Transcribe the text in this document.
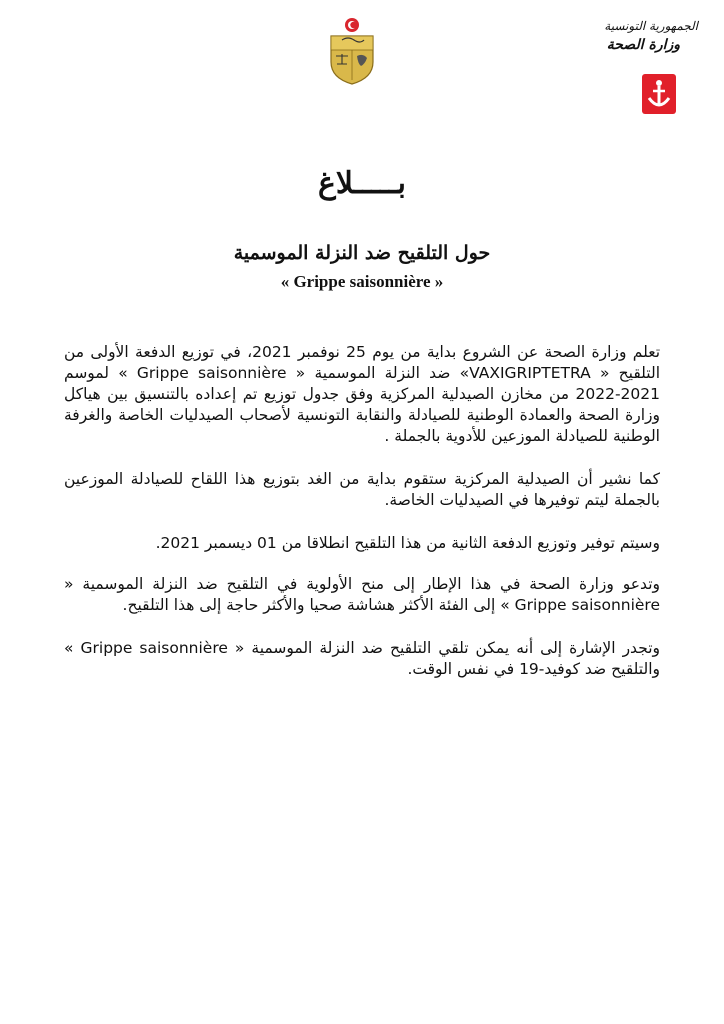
الجمهورية التونسية
وزارة الصحة
بـــــلاغ
حول التلقيح ضد النزلة الموسمية
« Grippe saisonnière »

تعلم وزارة الصحة عن الشروع بداية من يوم 25 نوفمبر 2021، في توزيع الدفعة الأولى من التلقيح « VAXIGRIPTETRA» ضد النزلة الموسمية « Grippe saisonnière » لموسم 2021-2022 من مخازن الصيدلية المركزية وفق جدول توزيع تم إعداده بالتنسيق بين هياكل وزارة الصحة والعمادة الوطنية للصيادلة والنقابة التونسية لأصحاب الصيدليات الخاصة والغرفة الوطنية للصيادلة الموزعين للأدوية بالجملة .

كما نشير أن الصيدلية المركزية ستقوم بداية من الغد بتوزيع هذا اللقاح للصيادلة الموزعين بالجملة ليتم توفيرها في الصيدليات الخاصة.

وسيتم توفير وتوزيع الدفعة الثانية من هذا التلقيح انطلاقا من 01 ديسمبر 2021.

وتدعو وزارة الصحة في هذا الإطار إلى منح الأولوية في التلقيح ضد النزلة الموسمية « Grippe saisonnière » إلى الفئة الأكثر هشاشة صحيا والأكثر حاجة إلى هذا التلقيح.

وتجدر الإشارة إلى أنه يمكن تلقي التلقيح ضد النزلة الموسمية « Grippe saisonnière » والتلقيح ضد كوفيد-19 في نفس الوقت.
